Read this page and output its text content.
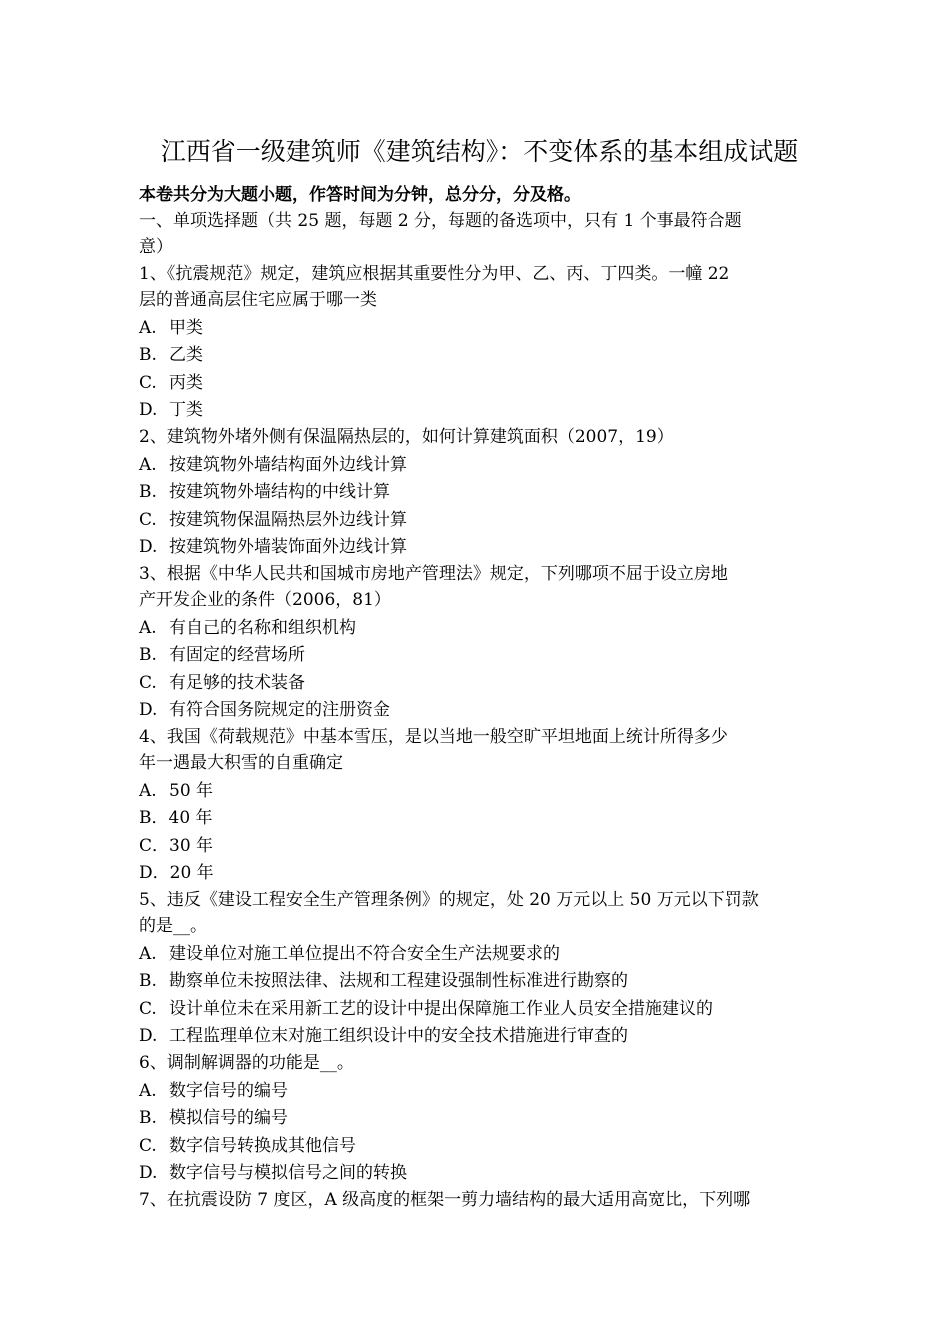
江西省一级建筑师《建筑结构》：不变体系的基本组成试题
本卷共分为大题小题，作答时间为分钟，总分分，分及格。

一、单项选择题（共 25 题，每题 2 分，每题的备选项中，只有 1 个事最符合题

意）

1、《抗震规范》规定，建筑应根据其重要性分为甲、乙、丙、丁四类。一幢 22

层的普通高层住宅应属于哪一类

A. 甲类
B. 乙类
C. 丙类
D. 丁类

2、建筑物外堵外侧有保温隔热层的，如何计算建筑面积（2007，19）

A. 按建筑物外墙结构面外边线计算
B. 按建筑物外墙结构的中线计算
C. 按建筑物保温隔热层外边线计算
D. 按建筑物外墙装饰面外边线计算

3、根据《中华人民共和国城市房地产管理法》规定，下列哪项不屈于设立房地

产开发企业的条件（2006，81）

A. 有自己的名称和组织机构
B. 有固定的经营场所
C. 有足够的技术装备
D. 有符合国务院规定的注册资金

4、我国《荷载规范》中基本雪压，是以当地一般空旷平坦地面上统计所得多少

年一遇最大积雪的自重确定

A. 50 年
B． 40 年
C． 30 年
D． 20 年

5、违反《建设工程安全生产管理条例》的规定，处 20 万元以上 50 万元以下罚款

的是__。

A. 建设单位对施工单位提出不符合安全生产法规要求的
B. 勘察单位未按照法律、法规和工程建设强制性标准进行勘察的
C. 设计单位未在采用新工艺的设计中提出保障施工作业人员安全措施建议的
D. 工程监理单位末对施工组织设计中的安全技术措施进行审查的

6、调制解调器的功能是__。

A. 数字信号的编号
B. 模拟信号的编号
C. 数字信号转换成其他信号
D. 数字信号与模拟信号之间的转换

7、在抗震设防 7 度区，A 级高度的框架一剪力墙结构的最大适用高宽比，下列哪
